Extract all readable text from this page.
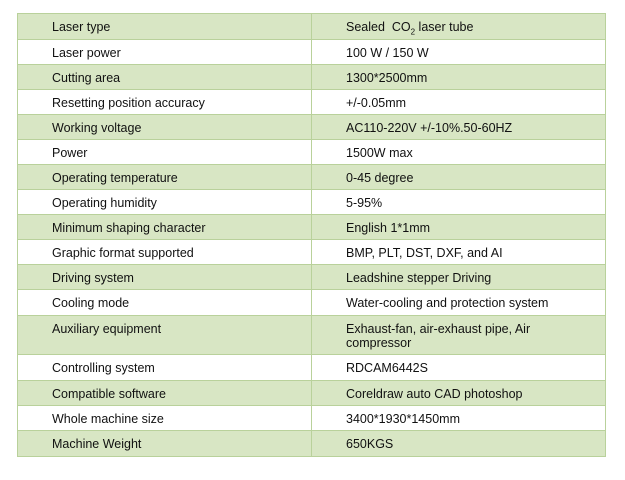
Laser type	Sealed  $CO_2$ laser tube
Laser power	100 W / 150 W
Cutting area	1300*2500mm
Resetting position accuracy	+/-0.05mm
Working voltage	AC110-220V +/-10%.50-60HZ
Power	1500W max
Operating temperature	0-45 degree
Operating humidity	5-95%
Minimum shaping character	English 1*1mm
Graphic format supported	BMP, PLT, DST, DXF, and AI
Driving system	Leadshine stepper Driving
Cooling mode	Water-cooling and protection system
Auxiliary equipment	Exhaust-fan, air-exhaust pipe, Air compressor
Controlling system	RDCAM6442S
Compatible software	Coreldraw auto CAD photoshop
Whole machine size	3400*1930*1450mm
Machine Weight	650KGS
